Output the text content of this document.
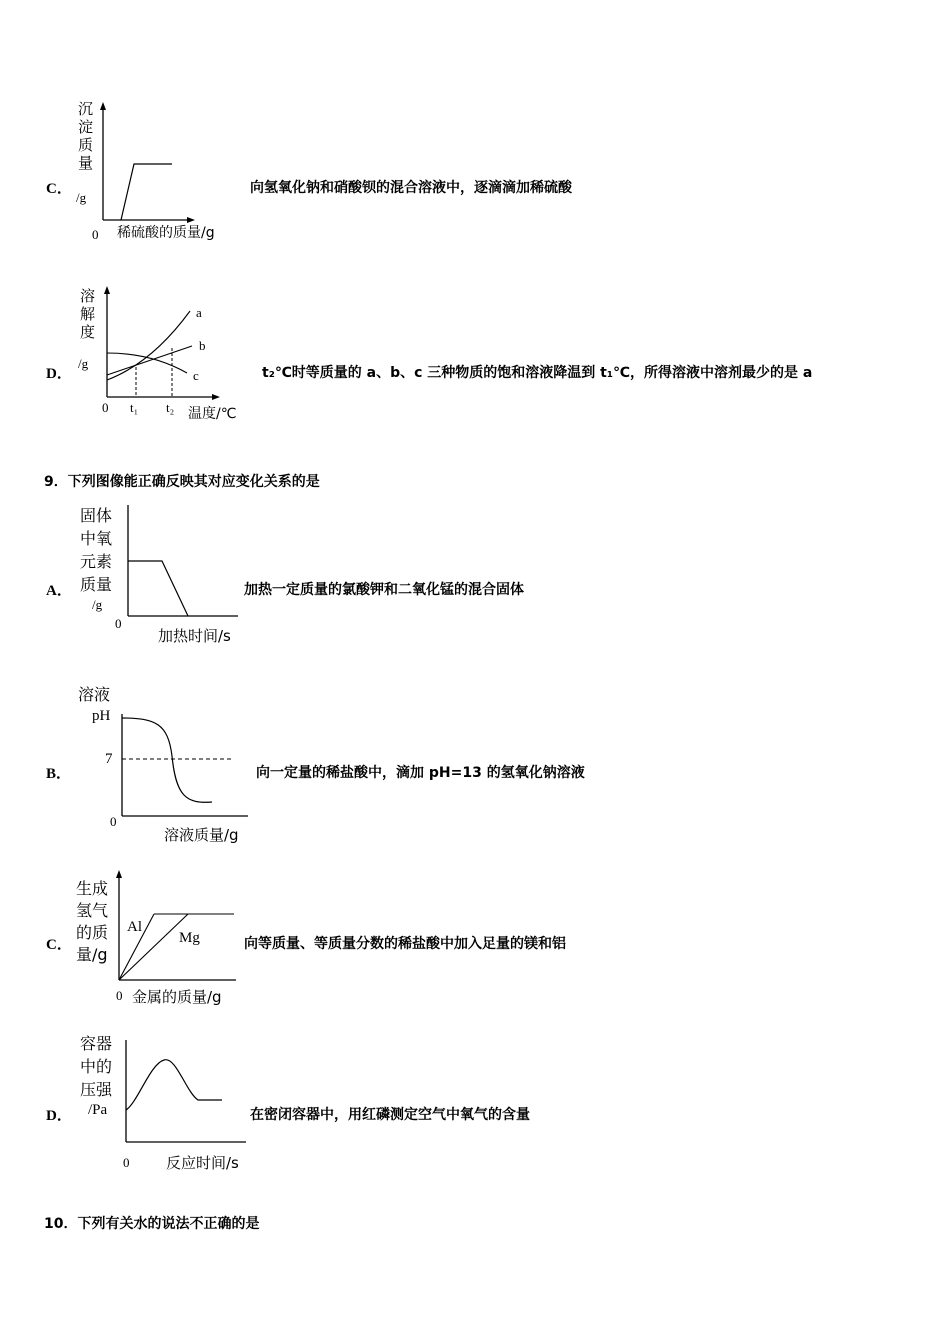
C．
沉
淀
质
量
/g
0 稀硫酸的质量/g
向氢氧化钠和硝酸钡的混合溶液中，逐滴滴加稀硫酸
D．
溶
解
度
/g
0 t₁ t₂ 温度/℃
a
b
c	t₂℃时等质量的 a、b、c 三种物质的饱和溶液降温到 t₁℃，所得溶液中溶剂最少的是 a
9．下列图像能正确反映其对应变化关系的是
A．
固体
中氧
元素
质量
/g
0
加热时间/s
加热一定质量的氯酸钾和二氧化锰的混合固体
B．
溶液
pH
7
0
溶液质量/g
向一定量的稀盐酸中，滴加 pH=13 的氢氧化钠溶液
C．
生成
氢气
的质
量/g
0 金属的质量/g
Al
Mg	向等质量、等质量分数的稀盐酸中加入足量的镁和铝
D．
容器
中的
压强
/Pa
0 反应时间/s
在密闭容器中，用红磷测定空气中氧气的含量
10．下列有关水的说法不正确的是
